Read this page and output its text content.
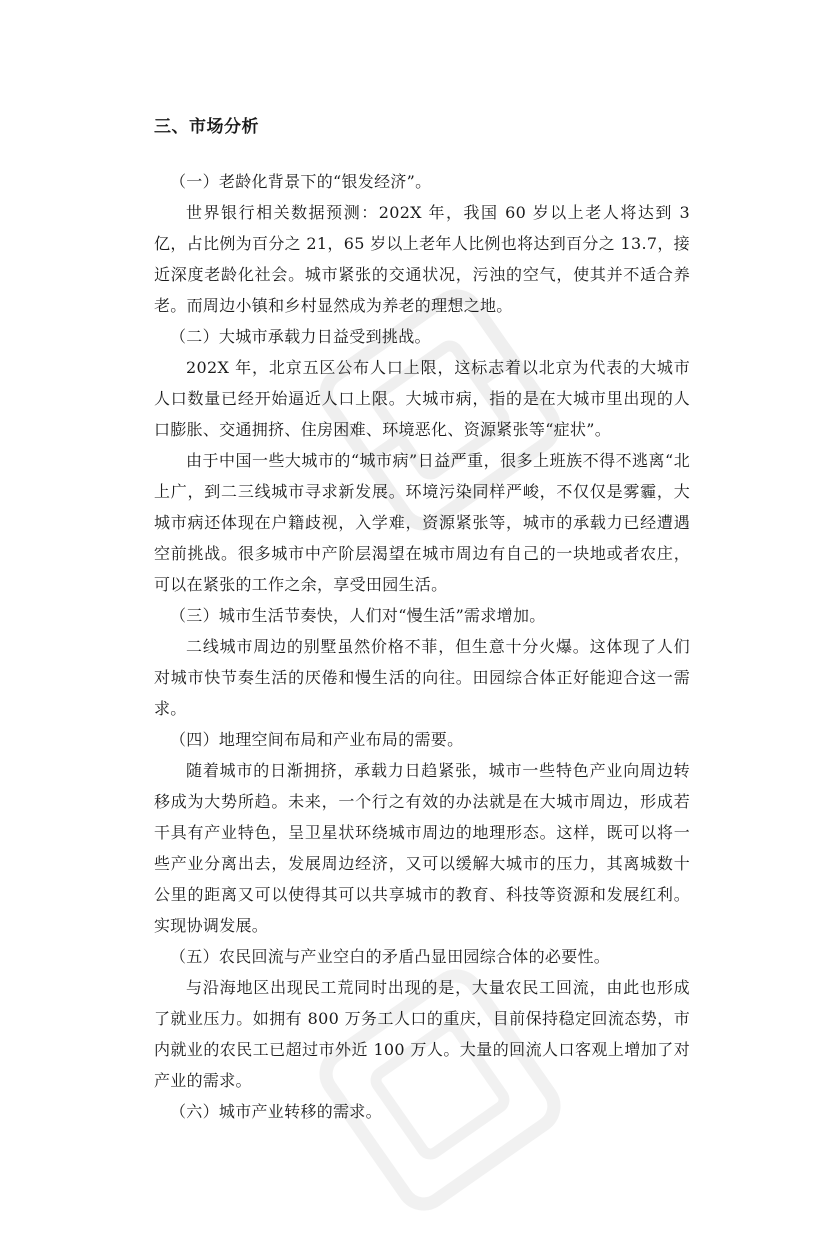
三、市场分析

（一）老龄化背景下的“银发经济”。

世界银行相关数据预测：202X 年，我国 60 岁以上老人将达到 3 亿，占比例为百分之 21，65 岁以上老年人比例也将达到百分之 13.7，接近深度老龄化社会。城市紧张的交通状况，污浊的空气，使其并不适合养老。而周边小镇和乡村显然成为养老的理想之地。

（二）大城市承载力日益受到挑战。

202X 年，北京五区公布人口上限，这标志着以北京为代表的大城市人口数量已经开始逼近人口上限。大城市病，指的是在大城市里出现的人口膨胀、交通拥挤、住房困难、环境恶化、资源紧张等“症状”。

由于中国一些大城市的“城市病”日益严重，很多上班族不得不逃离“北上广，到二三线城市寻求新发展。环境污染同样严峻，不仅仅是雾霾，大城市病还体现在户籍歧视，入学难，资源紧张等，城市的承载力已经遭遇空前挑战。很多城市中产阶层渴望在城市周边有自己的一块地或者农庄，可以在紧张的工作之余，享受田园生活。

（三）城市生活节奏快，人们对“慢生活”需求增加。

二线城市周边的别墅虽然价格不菲，但生意十分火爆。这体现了人们对城市快节奏生活的厌倦和慢生活的向往。田园综合体正好能迎合这一需求。

（四）地理空间布局和产业布局的需要。

随着城市的日渐拥挤，承载力日趋紧张，城市一些特色产业向周边转移成为大势所趋。未来，一个行之有效的办法就是在大城市周边，形成若干具有产业特色，呈卫星状环绕城市周边的地理形态。这样，既可以将一些产业分离出去，发展周边经济，又可以缓解大城市的压力，其离城数十公里的距离又可以使得其可以共享城市的教育、科技等资源和发展红利。实现协调发展。

（五）农民回流与产业空白的矛盾凸显田园综合体的必要性。

与沿海地区出现民工荒同时出现的是，大量农民工回流，由此也形成了就业压力。如拥有 800 万务工人口的重庆，目前保持稳定回流态势，市内就业的农民工已超过市外近 100 万人。大量的回流人口客观上增加了对产业的需求。

（六）城市产业转移的需求。
